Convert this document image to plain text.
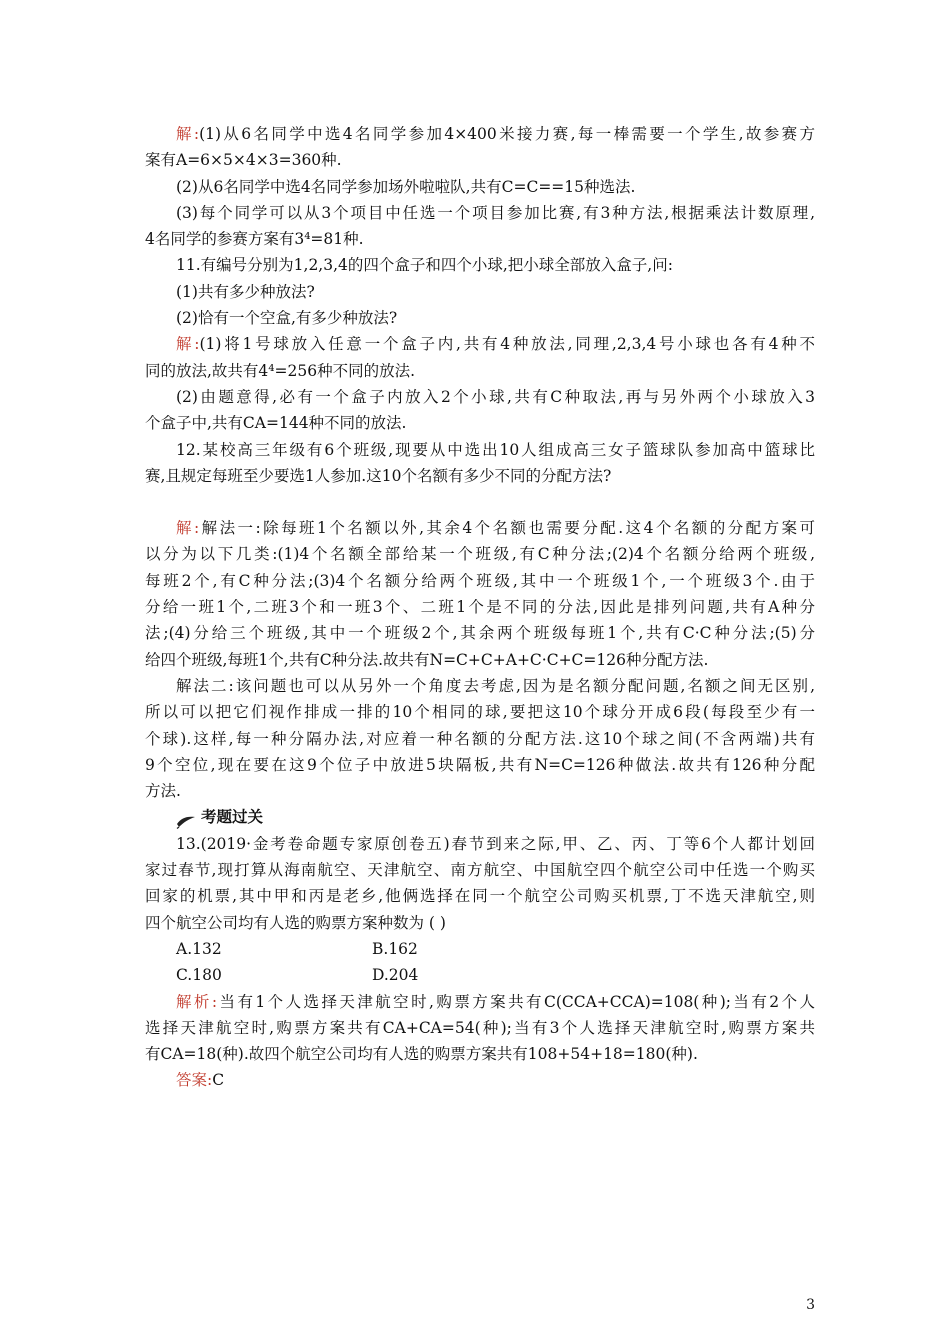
解:(1)从6名同学中选4名同学参加4×400米接力赛,每一棒需要一个学生,故参赛方
案有A=6×5×4×3=360种.
(2)从6名同学中选4名同学参加场外啦啦队,共有C=C==15种选法.
(3)每个同学可以从3个项目中任选一个项目参加比赛,有3种方法,根据乘法计数原理,
4名同学的参赛方案有3⁴=81种.
11.有编号分别为1,2,3,4的四个盒子和四个小球,把小球全部放入盒子,问:
(1)共有多少种放法?
(2)恰有一个空盒,有多少种放法?
解:(1)将1号球放入任意一个盒子内,共有4种放法,同理,2,3,4号小球也各有4种不
同的放法,故共有4⁴=256种不同的放法.
(2)由题意得,必有一个盒子内放入2个小球,共有C种取法,再与另外两个小球放入3
个盒子中,共有CA=144种不同的放法.
12.某校高三年级有6个班级,现要从中选出10人组成高三女子篮球队参加高中篮球比
赛,且规定每班至少要选1人参加.这10个名额有多少不同的分配方法?
解:解法一:除每班1个名额以外,其余4个名额也需要分配.这4个名额的分配方案可
以分为以下几类:(1)4个名额全部给某一个班级,有C种分法;(2)4个名额分给两个班级,
每班2个,有C种分法;(3)4个名额分给两个班级,其中一个班级1个,一个班级3个.由于
分给一班1个,二班3个和一班3个、二班1个是不同的分法,因此是排列问题,共有A种分
法;(4)分给三个班级,其中一个班级2个,其余两个班级每班1个,共有C·C种分法;(5)分
给四个班级,每班1个,共有C种分法.故共有N=C+C+A+C·C+C=126种分配方法.
解法二:该问题也可以从另外一个角度去考虑,因为是名额分配问题,名额之间无区别,
所以可以把它们视作排成一排的10个相同的球,要把这10个球分开成6段(每段至少有一
个球).这样,每一种分隔办法,对应着一种名额的分配方法.这10个球之间(不含两端)共有
9个空位,现在要在这9个位子中放进5块隔板,共有N=C=126种做法.故共有126种分配
方法.
考题过关
13.(2019·金考卷命题专家原创卷五)春节到来之际,甲、乙、丙、丁等6个人都计划回
家过春节,现打算从海南航空、天津航空、南方航空、中国航空四个航空公司中任选一个购买
回家的机票,其中甲和丙是老乡,他俩选择在同一个航空公司购买机票,丁不选天津航空,则
四个航空公司均有人选的购票方案种数为 ( )
A.132	B.162
C.180	D.204
解析:当有1个人选择天津航空时,购票方案共有C(CCA+CCA)=108(种);当有2个人
选择天津航空时,购票方案共有CA+CA=54(种);当有3个人选择天津航空时,购票方案共
有CA=18(种).故四个航空公司均有人选的购票方案共有108+54+18=180(种).
答案:C
3
